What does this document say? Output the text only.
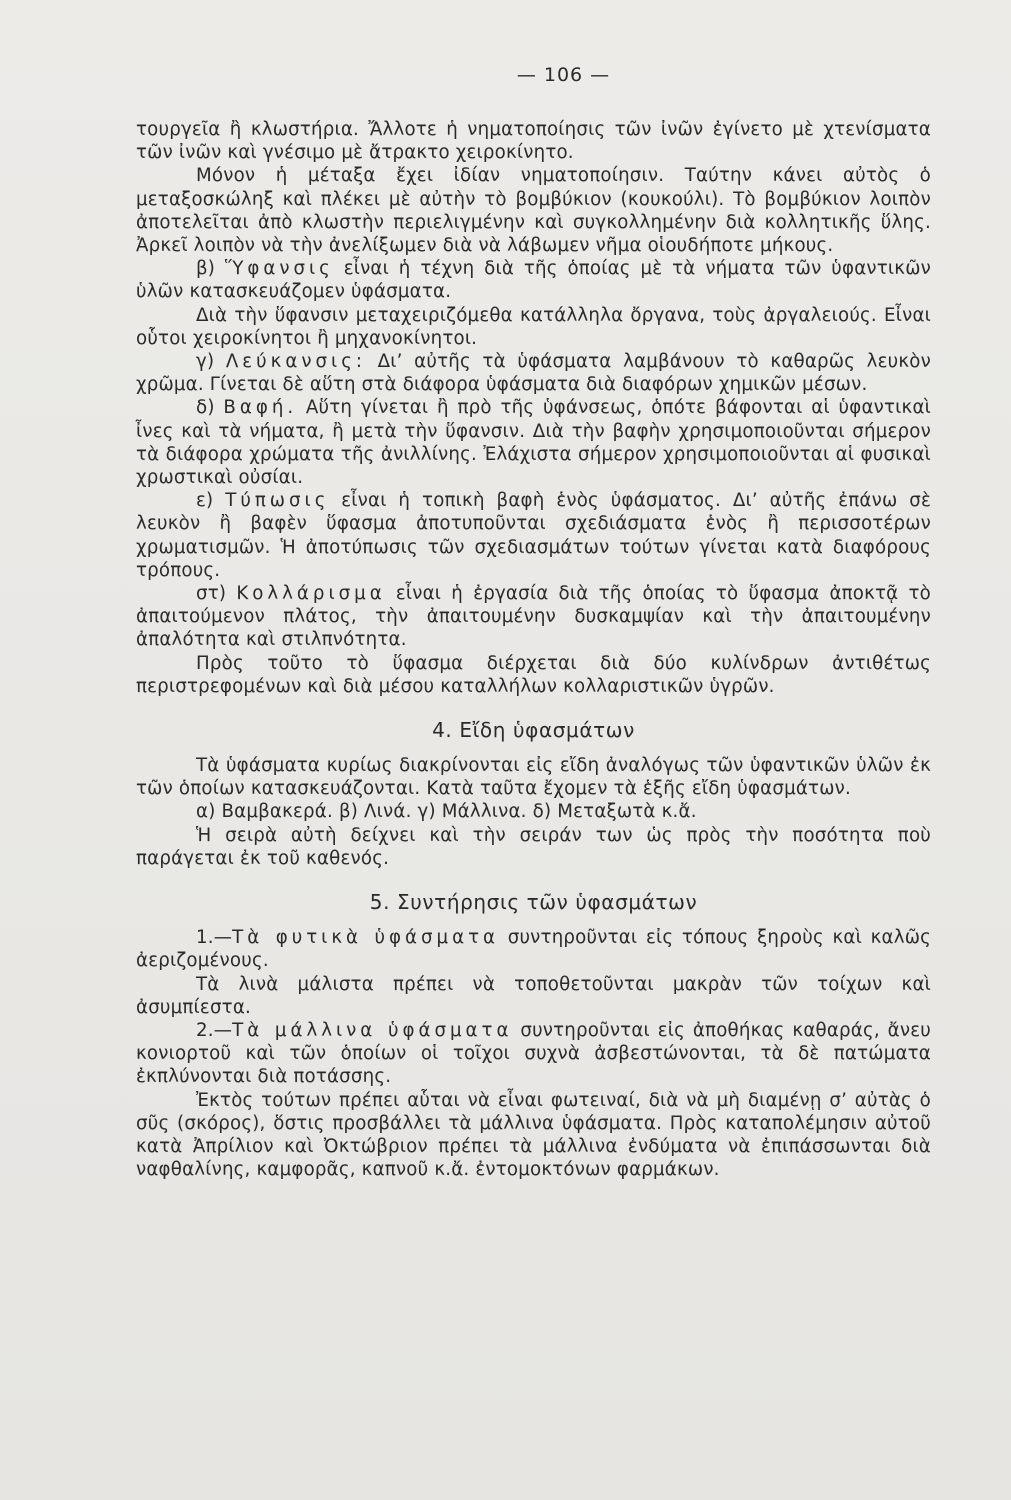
— 106 —

τουργεῖα ἢ κλωστήρια. Ἄλλοτε ἡ νηματοποίησις τῶν ἰνῶν ἐγίνετο μὲ χτενίσματα τῶν ἰνῶν καὶ γνέσιμο μὲ ἄτρακτο χειροκίνητο.

Μόνον ἡ μέταξα ἔχει ἰδίαν νηματοποίησιν. Ταύτην κάνει αὐτὸς ὁ μεταξοσκώληξ καὶ πλέκει μὲ αὐτὴν τὸ βομβύκιον (κουκούλι). Τὸ βομβύκιον λοιπὸν ἀποτελεῖται ἀπὸ κλωστὴν περιελιγμένην καὶ συγκολλημένην διὰ κολλητικῆς ὕλης. Ἀρκεῖ λοιπὸν νὰ τὴν ἀνελίξωμεν διὰ νὰ λάβωμεν νῆμα οἱουδήποτε μήκους.

β) Ὕφανσις εἶναι ἡ τέχνη διὰ τῆς ὁποίας μὲ τὰ νήματα τῶν ὑφαντικῶν ὑλῶν κατασκευάζομεν ὑφάσματα.

Διὰ τὴν ὕφανσιν μεταχειριζόμεθα κατάλληλα ὄργανα, τοὺς ἀργαλειούς. Εἶναι οὗτοι χειροκίνητοι ἢ μηχανοκίνητοι.

γ) Λεύκανσις: Δι’ αὐτῆς τὰ ὑφάσματα λαμβάνουν τὸ καθαρῶς λευκὸν χρῶμα. Γίνεται δὲ αὕτη στὰ διάφορα ὑφάσματα διὰ διαφόρων χημικῶν μέσων.

δ) Βαφή. Αὕτη γίνεται ἢ πρὸ τῆς ὑφάνσεως, ὁπότε βάφονται αἱ ὑφαντικαὶ ἶνες καὶ τὰ νήματα, ἢ μετὰ τὴν ὕφανσιν. Διὰ τὴν βαφὴν χρησιμοποιοῦνται σήμερον τὰ διάφορα χρώματα τῆς ἀνιλλίνης. Ἐλάχιστα σήμερον χρησιμοποιοῦνται αἱ φυσικαὶ χρωστικαὶ οὐσίαι.

ε) Τύπωσις εἶναι ἡ τοπικὴ βαφὴ ἑνὸς ὑφάσματος. Δι’ αὐτῆς ἐπάνω σὲ λευκὸν ἢ βαφὲν ὕφασμα ἀποτυποῦνται σχεδιάσματα ἑνὸς ἢ περισσοτέρων χρωματισμῶν. Ἡ ἀποτύπωσις τῶν σχεδιασμάτων τούτων γίνεται κατὰ διαφόρους τρόπους.

στ) Κολλάρισμα εἶναι ἡ ἐργασία διὰ τῆς ὁποίας τὸ ὕφασμα ἀποκτᾷ τὸ ἀπαιτούμενον πλάτος, τὴν ἀπαιτουμένην δυσκαμψίαν καὶ τὴν ἀπαιτουμένην ἀπαλότητα καὶ στιλπνότητα.

Πρὸς τοῦτο τὸ ὕφασμα διέρχεται διὰ δύο κυλίνδρων ἀντιθέτως περιστρεφομένων καὶ διὰ μέσου καταλλήλων κολλαριστικῶν ὑγρῶν.

4. Εἴδη ὑφασμάτων

Τὰ ὑφάσματα κυρίως διακρίνονται εἰς εἴδη ἀναλόγως τῶν ὑφαντικῶν ὑλῶν ἐκ τῶν ὁποίων κατασκευάζονται. Κατὰ ταῦτα ἔχομεν τὰ ἑξῆς εἴδη ὑφασμάτων.

α) Βαμβακερά. β) Λινά. γ) Μάλλινα. δ) Μεταξωτὰ κ.ἄ.

Ἡ σειρὰ αὐτὴ δείχνει καὶ τὴν σειράν των ὡς πρὸς τὴν ποσότητα ποὺ παράγεται ἐκ τοῦ καθενός.

5. Συντήρησις τῶν ὑφασμάτων

1.—Τὰ φυτικὰ ὑφάσματα συντηροῦνται εἰς τόπους ξηροὺς καὶ καλῶς ἀεριζομένους.

Τὰ λινὰ μάλιστα πρέπει νὰ τοποθετοῦνται μακρὰν τῶν τοίχων καὶ ἀσυμπίεστα.

2.—Τὰ μάλλινα ὑφάσματα συντηροῦνται εἰς ἀποθήκας καθαράς, ἄνευ κονιορτοῦ καὶ τῶν ὁποίων οἱ τοῖχοι συχνὰ ἀσβεστώνονται, τὰ δὲ πατώματα ἐκπλύνονται διὰ ποτάσσης.

Ἐκτὸς τούτων πρέπει αὗται νὰ εἶναι φωτειναί, διὰ νὰ μὴ διαμένῃ σ’ αὐτὰς ὁ σῦς (σκόρος), ὅστις προσβάλλει τὰ μάλλινα ὑφάσματα. Πρὸς καταπολέμησιν αὐτοῦ κατὰ Ἀπρίλιον καὶ Ὀκτώβριον πρέπει τὰ μάλλινα ἐνδύματα νὰ ἐπιπάσσωνται διὰ ναφθαλίνης, καμφορᾶς, καπνοῦ κ.ἄ. ἐντομοκτόνων φαρμάκων.
